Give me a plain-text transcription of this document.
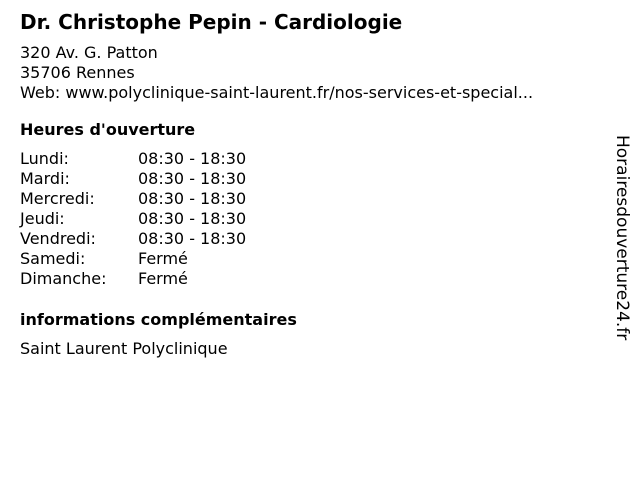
Dr. Christophe Pepin - Cardiologie
320 Av. G. Patton
35706 Rennes
Web: www.polyclinique-saint-laurent.fr/nos-services-et-special...
Heures d'ouverture
Lundi:	08:30 - 18:30
Mardi:	08:30 - 18:30
Mercredi:	08:30 - 18:30
Jeudi:	08:30 - 18:30
Vendredi:	08:30 - 18:30
Samedi:	Fermé
Dimanche:	Fermé
informations complémentaires
Saint Laurent Polyclinique
Horairesdouverture24.fr
